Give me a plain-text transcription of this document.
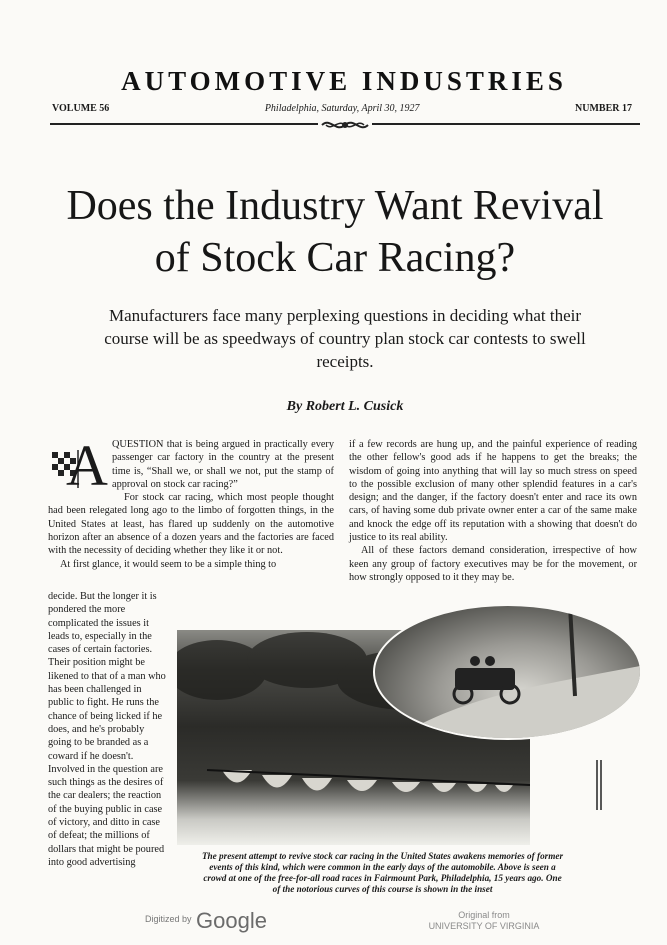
AUTOMOTIVE INDUSTRIES
VOLUME 56	Philadelphia, Saturday, April 30, 1927	NUMBER 17
Does the Industry Want Revival
of Stock Car Racing?
Manufacturers face many perplexing questions in deciding what their course will be as speedways of country plan stock car contests to swell receipts.
By Robert L. Cusick
A QUESTION that is being argued in practically every passenger car factory in the country at the present time is, “Shall we, or shall we not, put the stamp of approval on stock car racing?”

For stock car racing, which most people thought had been relegated long ago to the limbo of forgotten things, in the United States at least, has flared up suddenly on the automotive horizon after an absence of a dozen years and the factories are faced with the necessity of deciding whether they like it or not.

At first glance, it would seem to be a simple thing to

decide. But the longer it is pondered the more complicated the issues it leads to, especially in the cases of certain factories. Their position might be likened to that of a man who has been challenged in public to fight. He runs the chance of being licked if he does, and he's probably going to be branded as a coward if he doesn't. Involved in the question are such things as the desires of the car dealers; the reaction of the buying public in case of victory, and ditto in case of defeat; the millions of dollars that might be poured into good advertising

if a few records are hung up, and the painful experience of reading the other fellow's good ads if he happens to get the breaks; the wisdom of going into anything that will lay so much stress on speed to the possible exclusion of many other splendid features in a car's design; and the danger, if the factory doesn't enter and race its own cars, of having some dub private owner enter a car of the same make and knock the edge off its reputation with a showing that doesn't do justice to its real ability.

All of these factors demand consideration, irrespective of how keen any group of factory executives may be for the movement, or how strongly opposed to it they may be.

The present attempt to revive stock car racing in the United States awakens memories of former events of this kind, which were common in the early days of the automobile. Above is seen a crowd at one of the free-for-all road races in Fairmount Park, Philadelphia, 15 years ago. One of the notorious curves of this course is shown in the inset
Digitized by Google	Original from
UNIVERSITY OF VIRGINIA
